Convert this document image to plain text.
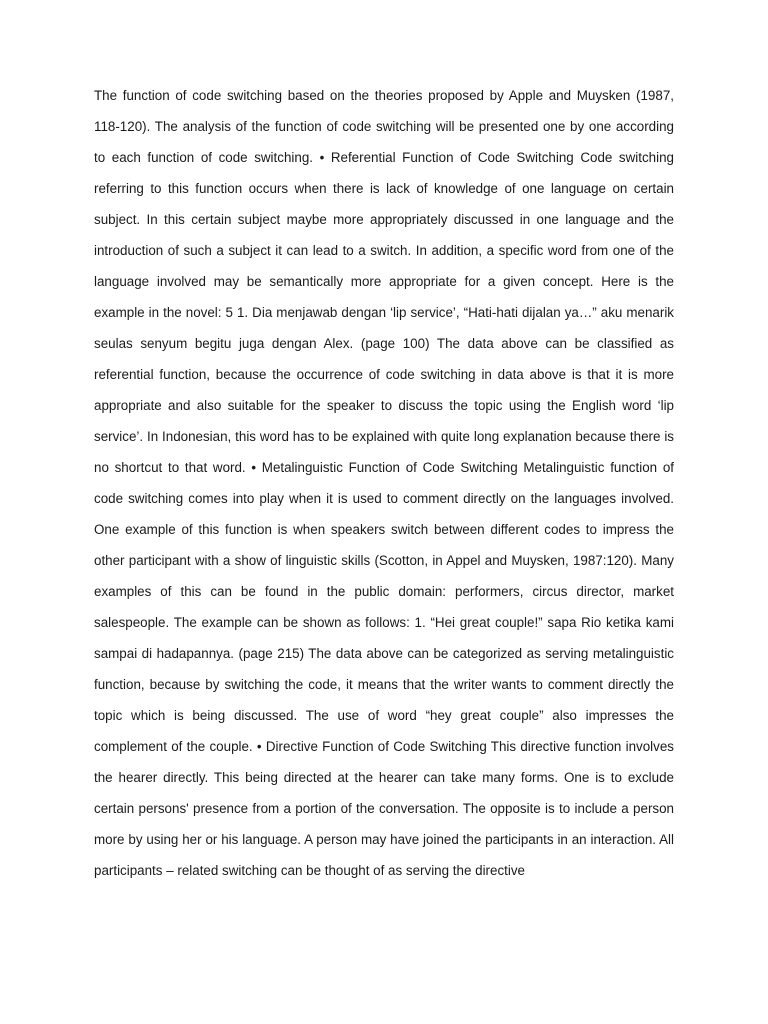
The function of code switching based on the theories proposed by Apple and Muysken (1987, 118-120). The analysis of the function of code switching will be presented one by one according to each function of code switching. • Referential Function of Code Switching Code switching referring to this function occurs when there is lack of knowledge of one language on certain subject. In this certain subject maybe more appropriately discussed in one language and the introduction of such a subject it can lead to a switch. In addition, a specific word from one of the language involved may be semantically more appropriate for a given concept. Here is the example in the novel: 5 1. Dia menjawab dengan ‘lip service’, “Hati-hati dijalan ya…” aku menarik seulas senyum begitu juga dengan Alex. (page 100) The data above can be classified as referential function, because the occurrence of code switching in data above is that it is more appropriate and also suitable for the speaker to discuss the topic using the English word ‘lip service’. In Indonesian, this word has to be explained with quite long explanation because there is no shortcut to that word. • Metalinguistic Function of Code Switching Metalinguistic function of code switching comes into play when it is used to comment directly on the languages involved. One example of this function is when speakers switch between different codes to impress the other participant with a show of linguistic skills (Scotton, in Appel and Muysken, 1987:120). Many examples of this can be found in the public domain: performers, circus director, market salespeople. The example can be shown as follows: 1. “Hei great couple!” sapa Rio ketika kami sampai di hadapannya. (page 215) The data above can be categorized as serving metalinguistic function, because by switching the code, it means that the writer wants to comment directly the topic which is being discussed. The use of word “hey great couple” also impresses the complement of the couple. • Directive Function of Code Switching This directive function involves the hearer directly. This being directed at the hearer can take many forms. One is to exclude certain persons' presence from a portion of the conversation. The opposite is to include a person more by using her or his language. A person may have joined the participants in an interaction. All participants – related switching can be thought of as serving the directive
